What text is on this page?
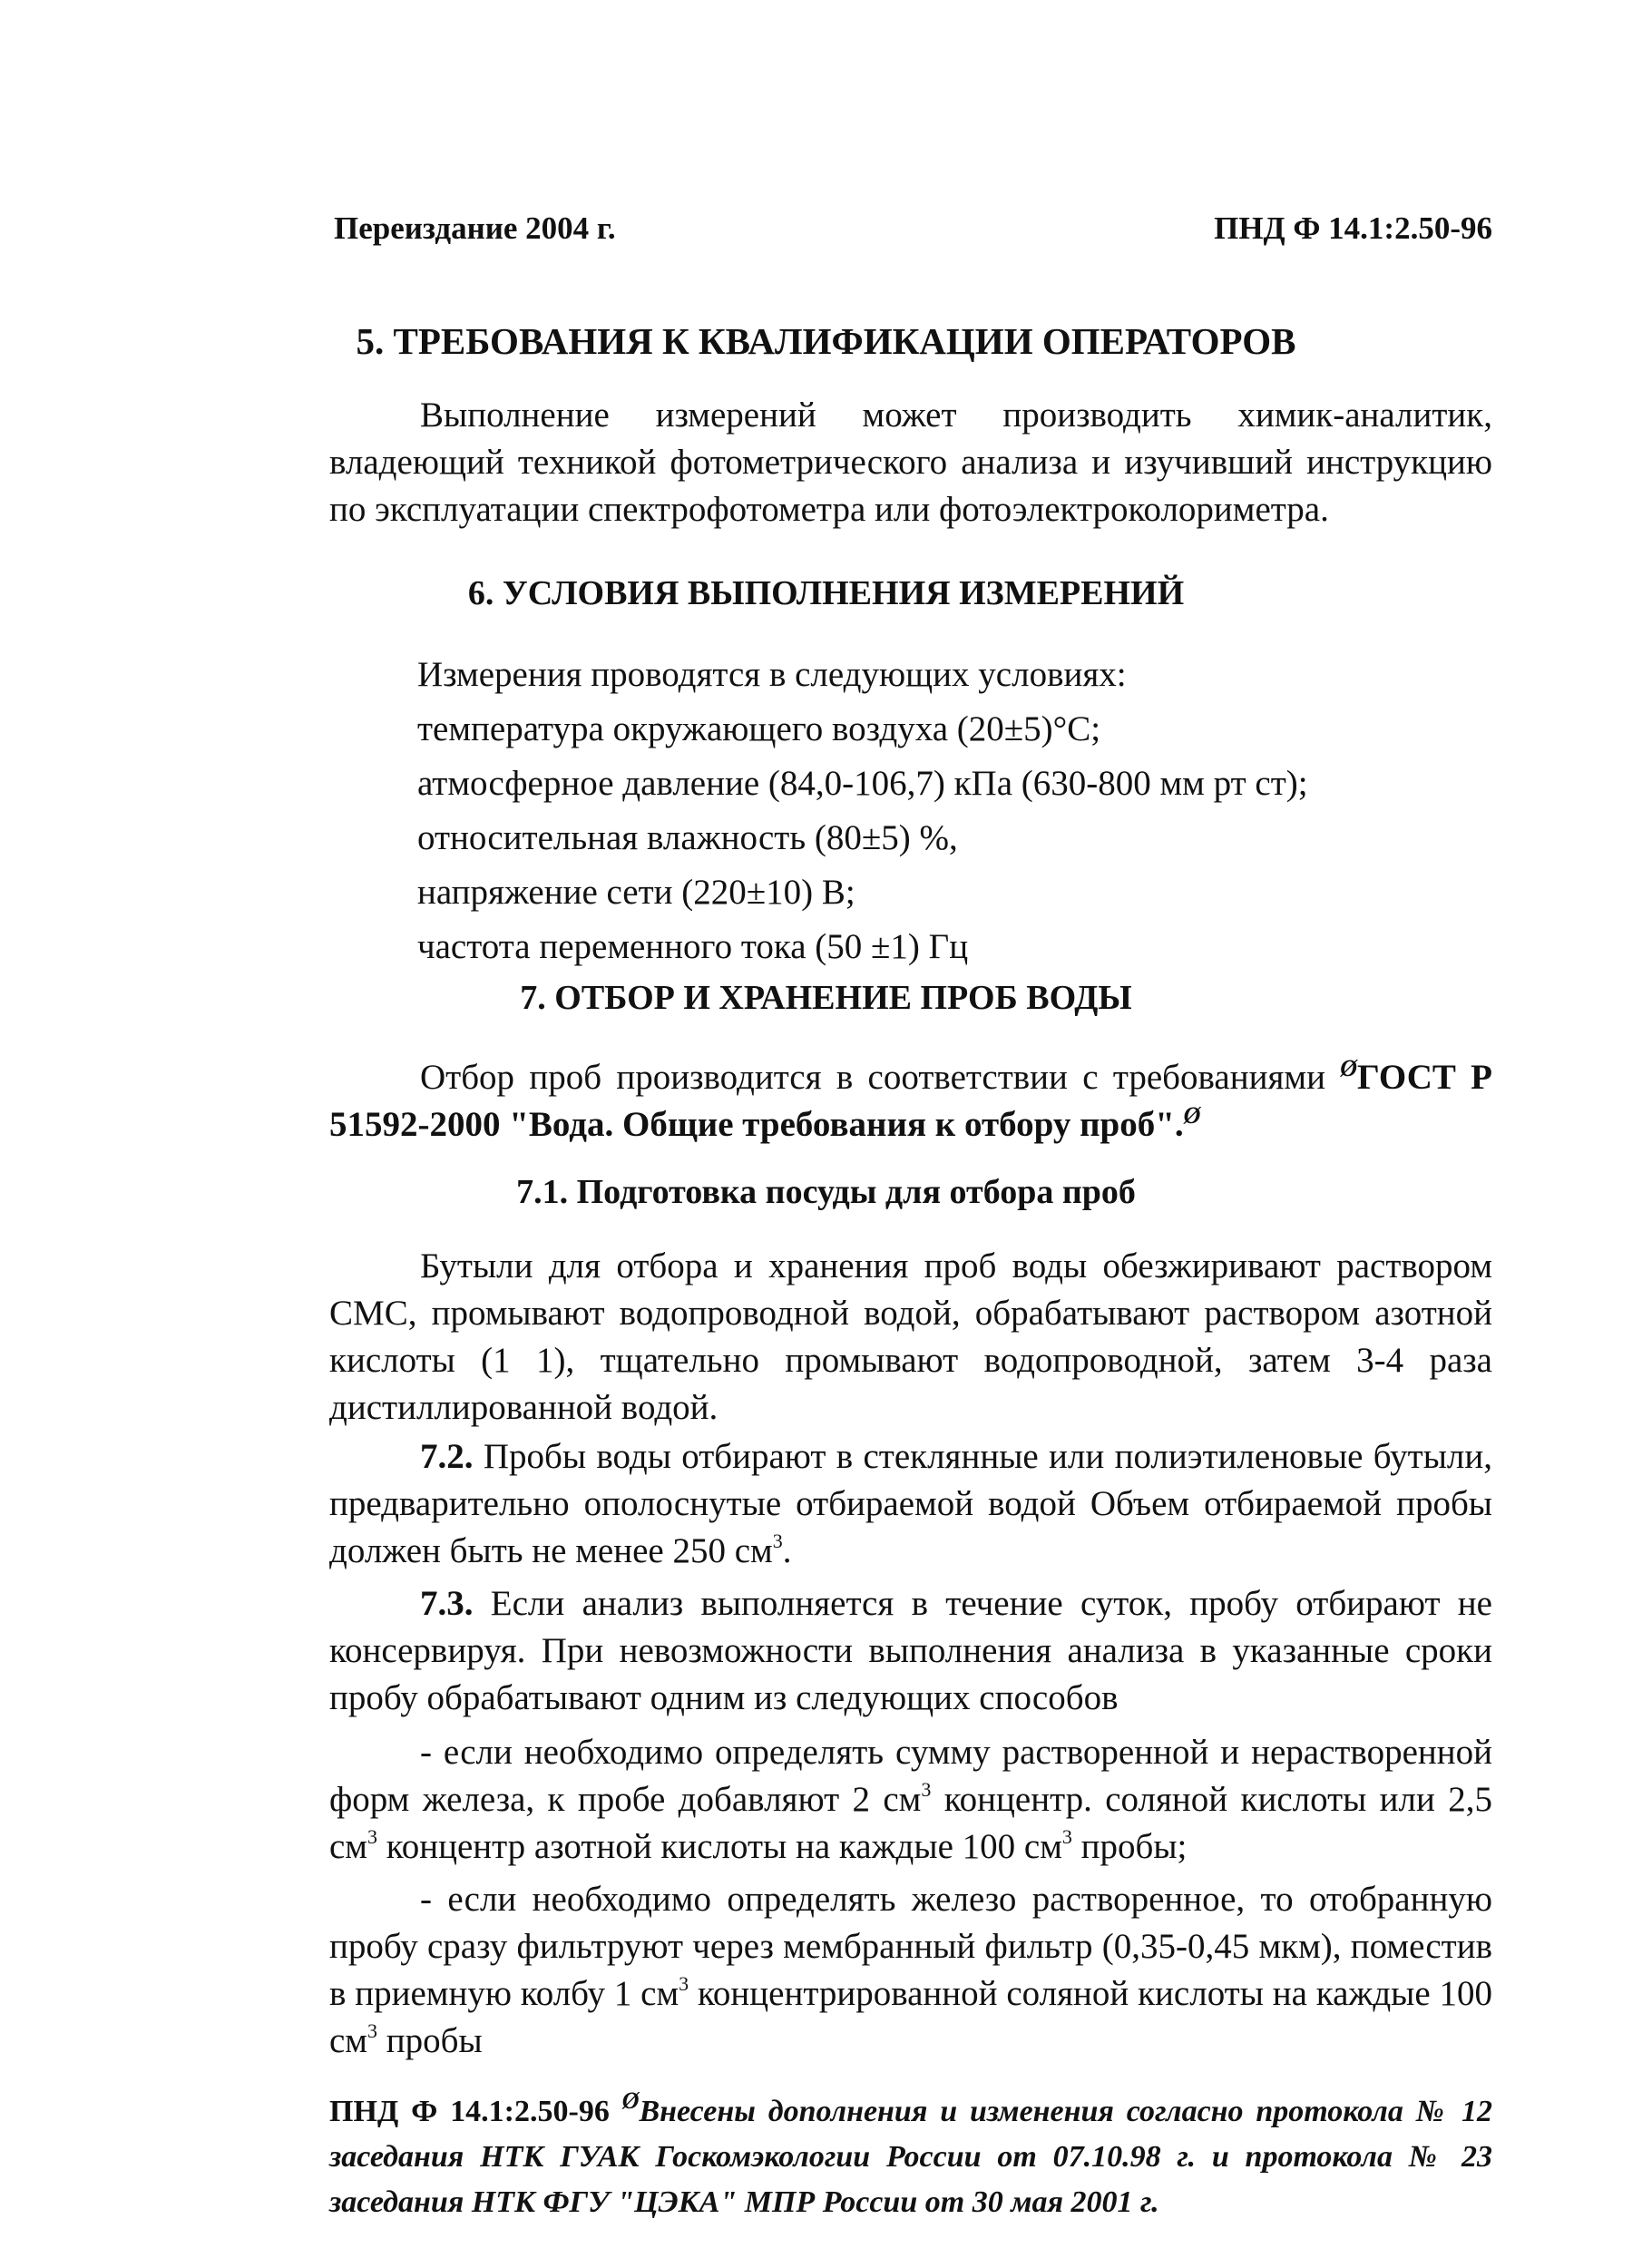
Переиздание 2004 г.	ПНД Ф 14.1:2.50-96
5. ТРЕБОВАНИЯ К КВАЛИФИКАЦИИ ОПЕРАТОРОВ
Выполнение измерений может производить химик-аналитик, владеющий техникой фотометрического анализа и изучивший инструкцию по эксплуатации спектрофотометра или фотоэлектроколориметра.
6. УСЛОВИЯ ВЫПОЛНЕНИЯ ИЗМЕРЕНИЙ
Измерения проводятся в следующих условиях:
температура окружающего воздуха (20±5)°С;
атмосферное давление (84,0-106,7) кПа (630-800 мм рт ст);
относительная влажность (80±5) %,
напряжение сети (220±10) В;
частота переменного тока (50 ±1) Гц
7. ОТБОР И ХРАНЕНИЕ ПРОБ ВОДЫ
Отбор проб производится в соответствии с требованиями $^Ø$ГОСТ Р 51592-2000 "Вода. Общие требования к отбору проб".$^Ø$
7.1. Подготовка посуды для отбора проб
Бутыли для отбора и хранения проб воды обезжиривают раствором СМС, промывают водопроводной водой, обрабатывают раствором азотной кислоты (1 1), тщательно промывают водопроводной, затем 3-4 раза дистиллированной водой.
7.2. Пробы воды отбирают в стеклянные или полиэтиленовые бутыли, предварительно ополоснутые отбираемой водой Объем отбираемой пробы должен быть не менее 250 $см^3$.
7.3. Если анализ выполняется в течение суток, пробу отбирают не консервируя. При невозможности выполнения анализа в указанные сроки пробу обрабатывают одним из следующих способов
- если необходимо определять сумму растворенной и нерастворенной форм железа, к пробе добавляют 2 $см^3$ концентр. соляной кислоты или 2,5 $см^3$ концентр азотной кислоты на каждые 100 $см^3$ пробы;
- если необходимо определять железо растворенное, то отобранную пробу сразу фильтруют через мембранный фильтр (0,35-0,45 мкм), поместив в приемную колбу 1 $см^3$ концентрированной соляной кислоты на каждые 100 $см^3$ пробы
ПНД Ф 14.1:2.50-96 $^Ø$Внесены дополнения и изменения согласно протокола № 12 заседания НТК ГУАК Госкомэкологии России от 07.10.98 г. и протокола № 23 заседания НТК ФГУ "ЦЭКА" МПР России от 30 мая 2001 г.
